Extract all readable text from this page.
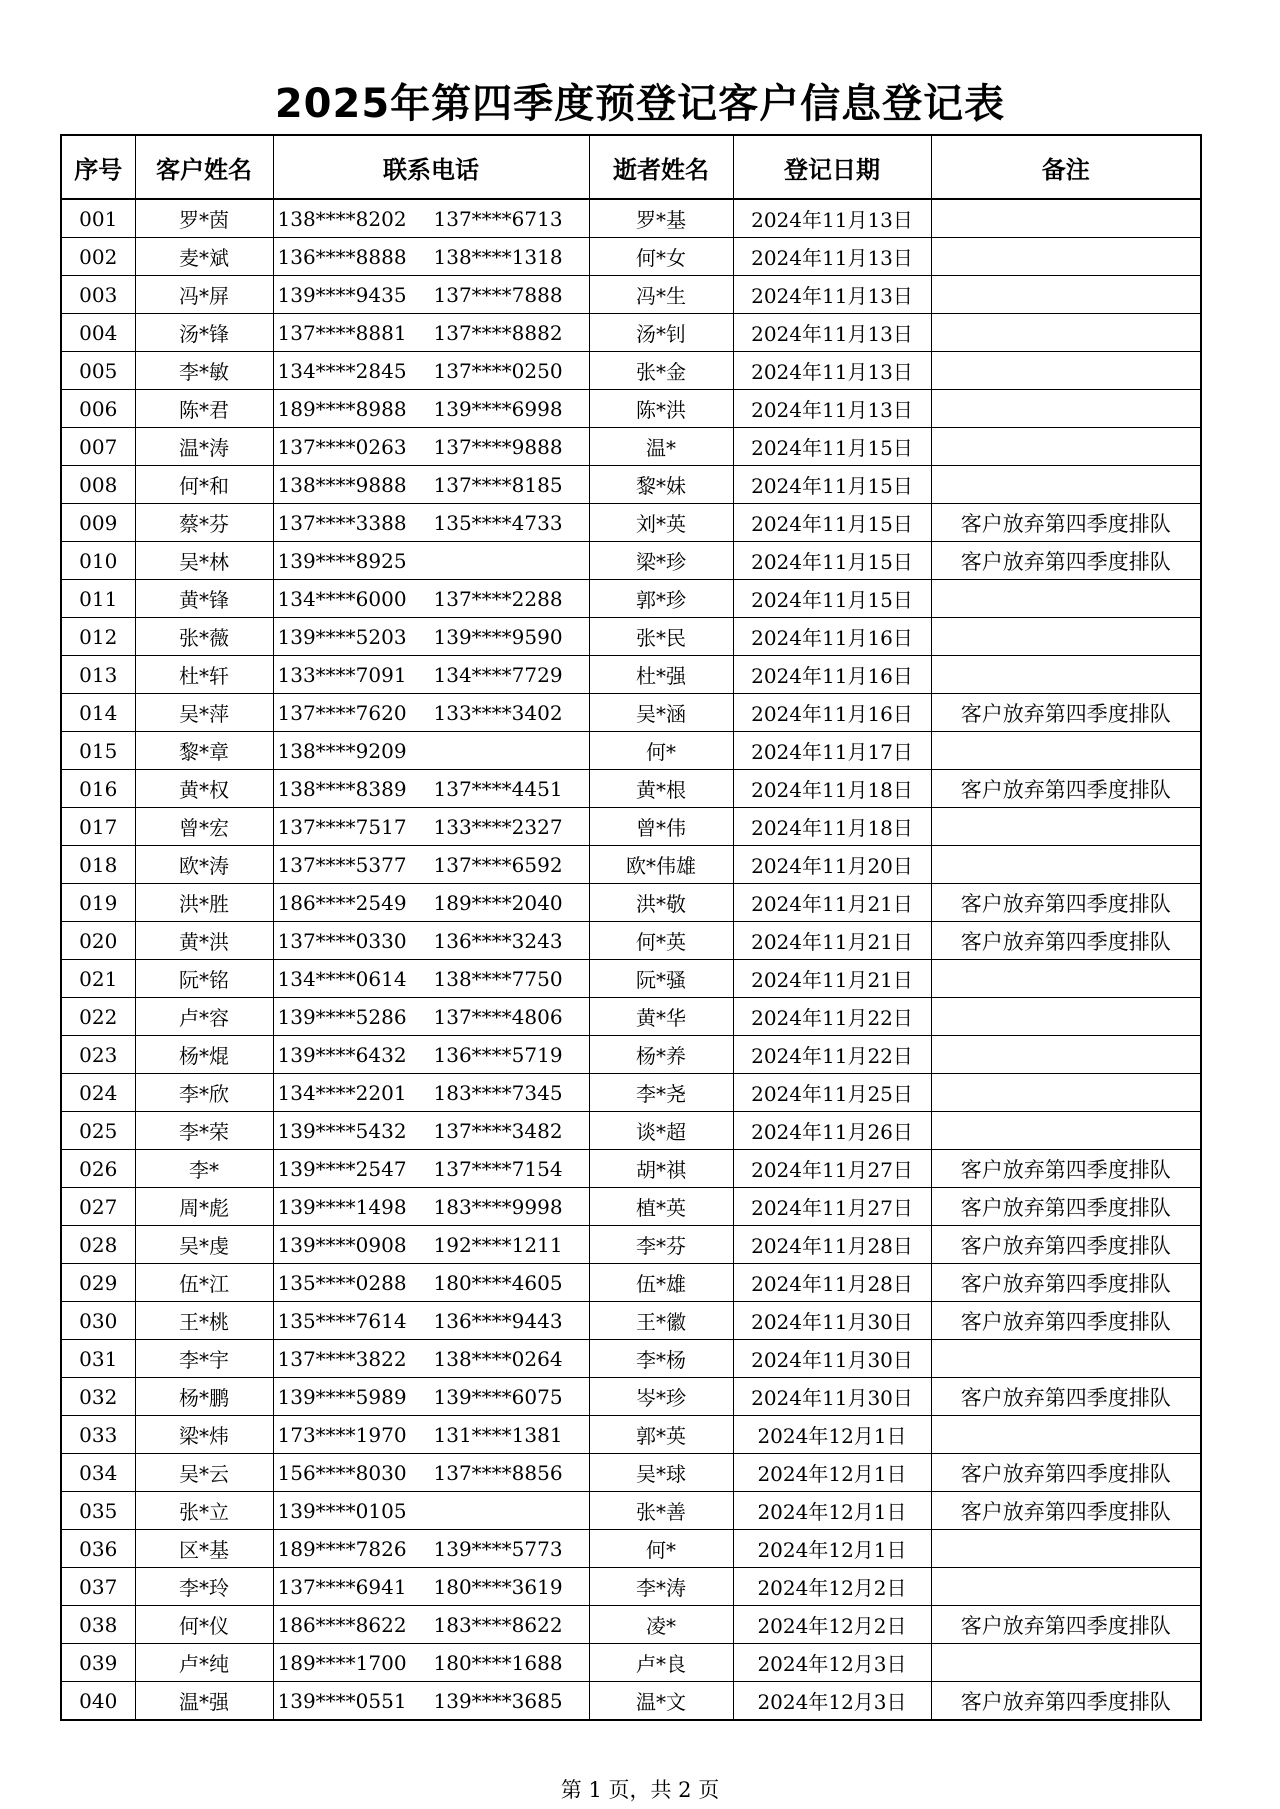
2025年第四季度预登记客户信息登记表
序号	客户姓名	联系电话	逝者姓名	登记日期	备注
001	罗*茵	138****8202 137****6713	罗*基	2024年11月13日	
002	麦*斌	136****8888 138****1318	何*女	2024年11月13日	
003	冯*屏	139****9435 137****7888	冯*生	2024年11月13日	
004	汤*锋	137****8881 137****8882	汤*钊	2024年11月13日	
005	李*敏	134****2845 137****0250	张*金	2024年11月13日	
006	陈*君	189****8988 139****6998	陈*洪	2024年11月13日	
007	温*涛	137****0263 137****9888	温*	2024年11月15日	
008	何*和	138****9888 137****8185	黎*妹	2024年11月15日	
009	蔡*芬	137****3388 135****4733	刘*英	2024年11月15日	客户放弃第四季度排队
010	吴*林	139****8925	梁*珍	2024年11月15日	客户放弃第四季度排队
011	黄*锋	134****6000 137****2288	郭*珍	2024年11月15日	
012	张*薇	139****5203 139****9590	张*民	2024年11月16日	
013	杜*轩	133****7091 134****7729	杜*强	2024年11月16日	
014	吴*萍	137****7620 133****3402	吴*涵	2024年11月16日	客户放弃第四季度排队
015	黎*章	138****9209	何*	2024年11月17日	
016	黄*权	138****8389 137****4451	黄*根	2024年11月18日	客户放弃第四季度排队
017	曾*宏	137****7517 133****2327	曾*伟	2024年11月18日	
018	欧*涛	137****5377 137****6592	欧*伟雄	2024年11月20日	
019	洪*胜	186****2549 189****2040	洪*敬	2024年11月21日	客户放弃第四季度排队
020	黄*洪	137****0330 136****3243	何*英	2024年11月21日	客户放弃第四季度排队
021	阮*铭	134****0614 138****7750	阮*骚	2024年11月21日	
022	卢*容	139****5286 137****4806	黄*华	2024年11月22日	
023	杨*焜	139****6432 136****5719	杨*养	2024年11月22日	
024	李*欣	134****2201 183****7345	李*尧	2024年11月25日	
025	李*荣	139****5432 137****3482	谈*超	2024年11月26日	
026	李*	139****2547 137****7154	胡*祺	2024年11月27日	客户放弃第四季度排队
027	周*彪	139****1498 183****9998	植*英	2024年11月27日	客户放弃第四季度排队
028	吴*虔	139****0908 192****1211	李*芬	2024年11月28日	客户放弃第四季度排队
029	伍*江	135****0288 180****4605	伍*雄	2024年11月28日	客户放弃第四季度排队
030	王*桃	135****7614 136****9443	王*徽	2024年11月30日	客户放弃第四季度排队
031	李*宇	137****3822 138****0264	李*杨	2024年11月30日	
032	杨*鹏	139****5989 139****6075	岑*珍	2024年11月30日	客户放弃第四季度排队
033	梁*炜	173****1970 131****1381	郭*英	2024年12月1日	
034	吴*云	156****8030 137****8856	吴*球	2024年12月1日	客户放弃第四季度排队
035	张*立	139****0105	张*善	2024年12月1日	客户放弃第四季度排队
036	区*基	189****7826 139****5773	何*	2024年12月1日	
037	李*玲	137****6941 180****3619	李*涛	2024年12月2日	
038	何*仪	186****8622 183****8622	凌*	2024年12月2日	客户放弃第四季度排队
039	卢*纯	189****1700 180****1688	卢*良	2024年12月3日	
040	温*强	139****0551 139****3685	温*文	2024年12月3日	客户放弃第四季度排队
第 1 页，共 2 页
